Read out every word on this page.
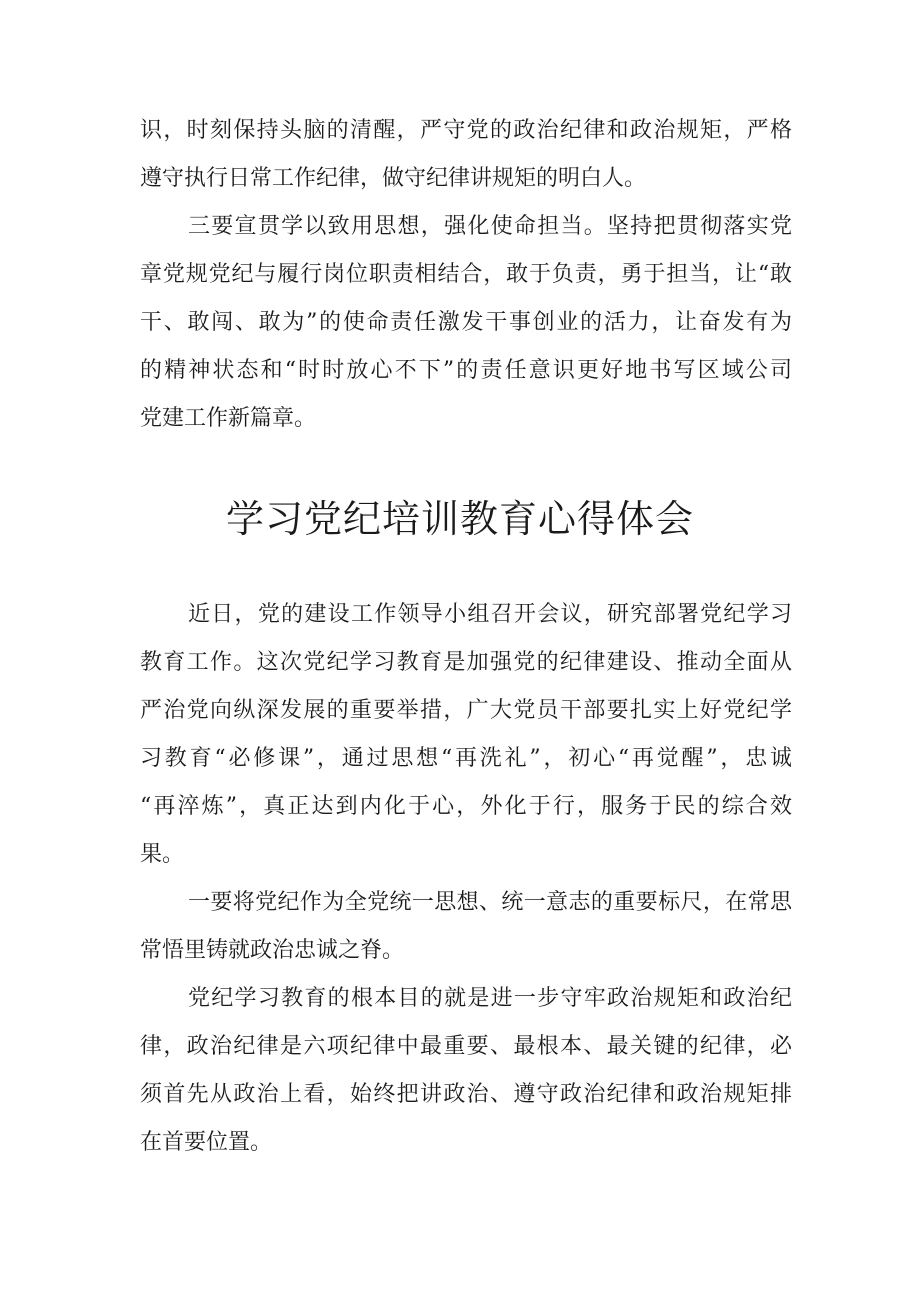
识，时刻保持头脑的清醒，严守党的政治纪律和政治规矩，严格
遵守执行日常工作纪律，做守纪律讲规矩的明白人。
三要宣贯学以致用思想，强化使命担当。坚持把贯彻落实党
章党规党纪与履行岗位职责相结合，敢于负责，勇于担当，让“敢
干、敢闯、敢为”的使命责任激发干事创业的活力，让奋发有为
的精神状态和“时时放心不下”的责任意识更好地书写区域公司
党建工作新篇章。
学习党纪培训教育心得体会
近日，党的建设工作领导小组召开会议，研究部署党纪学习
教育工作。这次党纪学习教育是加强党的纪律建设、推动全面从
严治党向纵深发展的重要举措，广大党员干部要扎实上好党纪学
习教育“必修课”，通过思想“再洗礼”，初心“再觉醒”，忠诚
“再淬炼”，真正达到内化于心，外化于行，服务于民的综合效
果。
一要将党纪作为全党统一思想、统一意志的重要标尺，在常思
常悟里铸就政治忠诚之脊。
党纪学习教育的根本目的就是进一步守牢政治规矩和政治纪
律，政治纪律是六项纪律中最重要、最根本、最关键的纪律，必
须首先从政治上看，始终把讲政治、遵守政治纪律和政治规矩排
在首要位置。
